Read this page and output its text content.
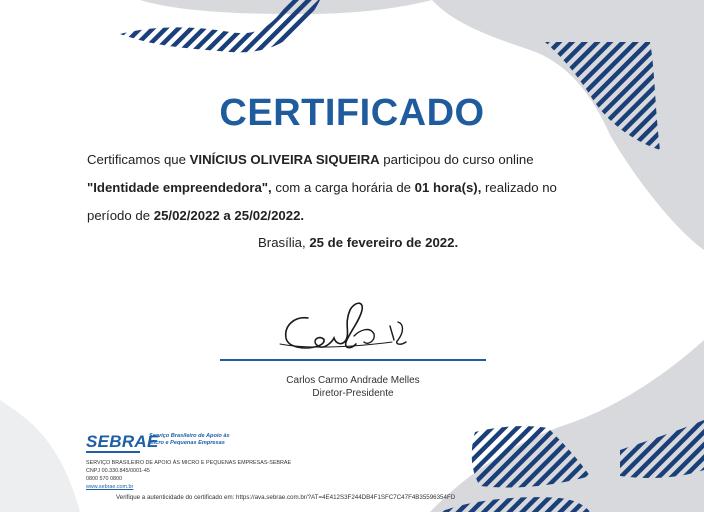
CERTIFICADO
Certificamos que VINÍCIUS OLIVEIRA SIQUEIRA participou do curso online
"Identidade empreendedora", com a carga horária de 01 hora(s), realizado no
período de 25/02/2022 a 25/02/2022.
Brasília, 25 de fevereiro de 2022.
Carlos Carmo Andrade Melles
Diretor-Presidente
SEBRAE
Serviço Brasileiro de Apoio às
Micro e Pequenas Empresas
SERVIÇO BRASILEIRO DE APOIO ÀS MICRO E PEQUENAS EMPRESAS-SEBRAE
CNPJ 00.330.845/0001-45
0800 570 0800
www.sebrae.com.br
Verifique a autenticidade do certificado em: https://ava.sebrae.com.br/?AT=4E412S3F244DB4F1SFC7C47F4B35596354FD
